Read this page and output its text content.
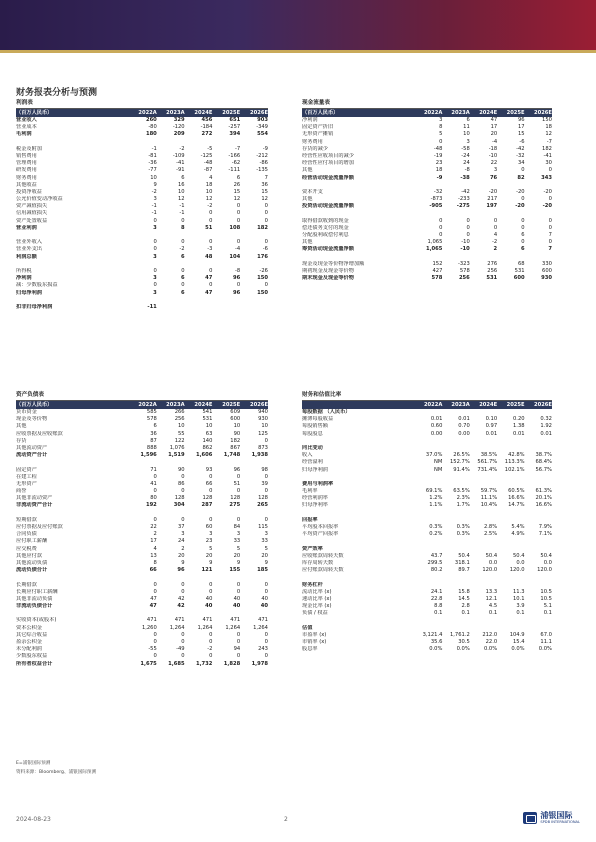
财务报表分析与预测
利润表
（百万人民币）	2022A	2023A	2024E	2025E	2026E
营业收入	260	329	456	651	903
营业成本	-80	-120	-184	-257	-349
毛利润	180	209	272	394	554
税金及附加	-1	-2	-5	-7	-9
销售费用	-81	-109	-125	-166	-212
管理费用	-36	-41	-48	-62	-86
研发费用	-77	-91	-87	-111	-135
财务费用	10	6	4	6	7
其他收益	9	16	18	26	36
投资净收益	-2	10	10	15	15
公允价值变动净收益	3	12	12	12	12
资产减值损失	-1	-1	-2	0	0
信用减值损失	-1	-1	0	0	0
资产处置收益	0	0	0	0	0
营业利润	3	8	51	108	182
营业外收入	0	0	0	0	0
营业外支出	0	-2	-3	-4	-6
利润总额	3	6	48	104	176
所得税	0	0	0	-8	-26
净利润	3	6	47	96	150
减：少数股东损益	0	0	0	0	0
归母净利润	3	6	47	96	150
扣非归母净利润	-11
现金流量表
（百万人民币）	2022A	2023A	2024E	2025E	2026E
净利润	3	6	47	96	150
固定资产折旧	8	11	17	17	18
无形资产摊销	5	10	20	15	12
财务费用	0	3	-4	-6	-7
存货的减少	-48	-58	-18	-42	182
经营性应收项目的减少	-19	-24	-10	-32	-41
经营性应付项目的增加	23	24	22	34	30
其他	18	-8	3	0	0
经营活动现金流量净额	-9	-38	76	82	343
资本开支	-32	-42	-20	-20	-20
其他	-873	-233	217	0	0
投资活动现金流量净额	-905	-275	197	-20	-20
取得借款收到的现金	0	0	0	0	0
偿还债务支付的现金	0	0	0	0	0
分配股利或偿付利息	0	0	4	6	7
其他	1,065	-10	-2	0	0
筹资活动现金流量净额	1,065	-10	2	6	7
现金及现金等价物净增加额	152	-323	276	68	330
期初现金及现金等价物	427	578	256	531	600
期末现金及现金等价物	578	256	531	600	930
资产负债表
（百万人民币）	2022A	2023A	2024E	2025E	2026E
货币资金	585	266	541	609	940
现金及等价物	578	256	531	600	930
其他	6	10	10	10	10
应收票据及应收账款	36	55	63	90	125
存货	87	122	140	182	0
其他流动资产	888	1,076	862	867	873
流动资产合计	1,596	1,519	1,606	1,748	1,938
固定资产	71	90	93	96	98
在建工程	0	0	0	0	0
无形资产	41	86	66	51	39
商誉	0	0	0	0	0
其他非流动资产	80	128	128	128	128
非流动资产合计	192	304	287	275	265
短期借款	0	0	0	0	0
应付票据及应付账款	22	37	60	84	115
合同负债	2	3	3	3	3
应付职工薪酬	17	24	23	33	33
应交税费	4	2	5	5	5
其他应付款	13	20	20	20	20
其他流动负债	8	9	9	9	9
流动负债合计	66	96	121	155	185
长期借款	0	0	0	0	0
长期应付职工薪酬	0	0	0	0	0
其他非流动负债	47	42	40	40	40
非流动负债合计	47	42	40	40	40
实收资本(或股本)	471	471	471	471	471
资本公积金	1,260	1,264	1,264	1,264	1,264
其它综合收益	0	0	0	0	0
盈余公积金	0	0	0	0	0
未分配利润	-55	-49	-2	94	243
少数股东权益	0	0	0	0	0
所有者权益合计	1,675	1,685	1,732	1,828	1,978
财务和估值比率
2022A	2023A	2024E	2025E	2026E
每股数据 （人民币）
摊薄每股收益	0.01	0.01	0.10	0.20	0.32
每股销售额	0.60	0.70	0.97	1.38	1.92
每股股息	0.00	0.00	0.01	0.01	0.01
同比变动
收入	37.0%	26.5%	38.5%	42.8%	38.7%
经营溢利	NM	152.7%	561.7%	113.3%	68.4%
归母净利润	NM	91.4%	731.4%	102.1%	56.7%
费用与利润率
毛利率	69.1%	63.5%	59.7%	60.5%	61.3%
经营利润率	1.2%	2.3%	11.1%	16.6%	20.1%
归母净利率	1.1%	1.7%	10.4%	14.7%	16.6%
回报率
平均股本回报率	0.3%	0.3%	2.8%	5.4%	7.9%
平均资产回报率	0.2%	0.3%	2.5%	4.9%	7.1%
资产效率
应收账款周转天数	43.7	50.4	50.4	50.4	50.4
库存周转天数	299.5	318.1	0.0	0.0	0.0
应付账款周转天数	80.2	89.7	120.0	120.0	120.0
财务杠杆
流动比率 (x)	24.1	15.8	13.3	11.3	10.5
速动比率 (x)	22.8	14.5	12.1	10.1	10.5
现金比率 (x)	8.8	2.8	4.5	3.9	5.1
负债 / 权益	0.1	0.1	0.1	0.1	0.1
估值
市盈率 (x)	3,121.4	1,761.2	212.0	104.9	67.0
市销率 (x)	35.6	30.5	22.0	15.4	11.1
股息率	0.0%	0.0%	0.0%	0.0%	0.0%
E=浦银国际预测
资料来源：Bloomberg、浦银国际预测
2024-08-23	2	浦银国际
SPDB INTERNATIONAL
